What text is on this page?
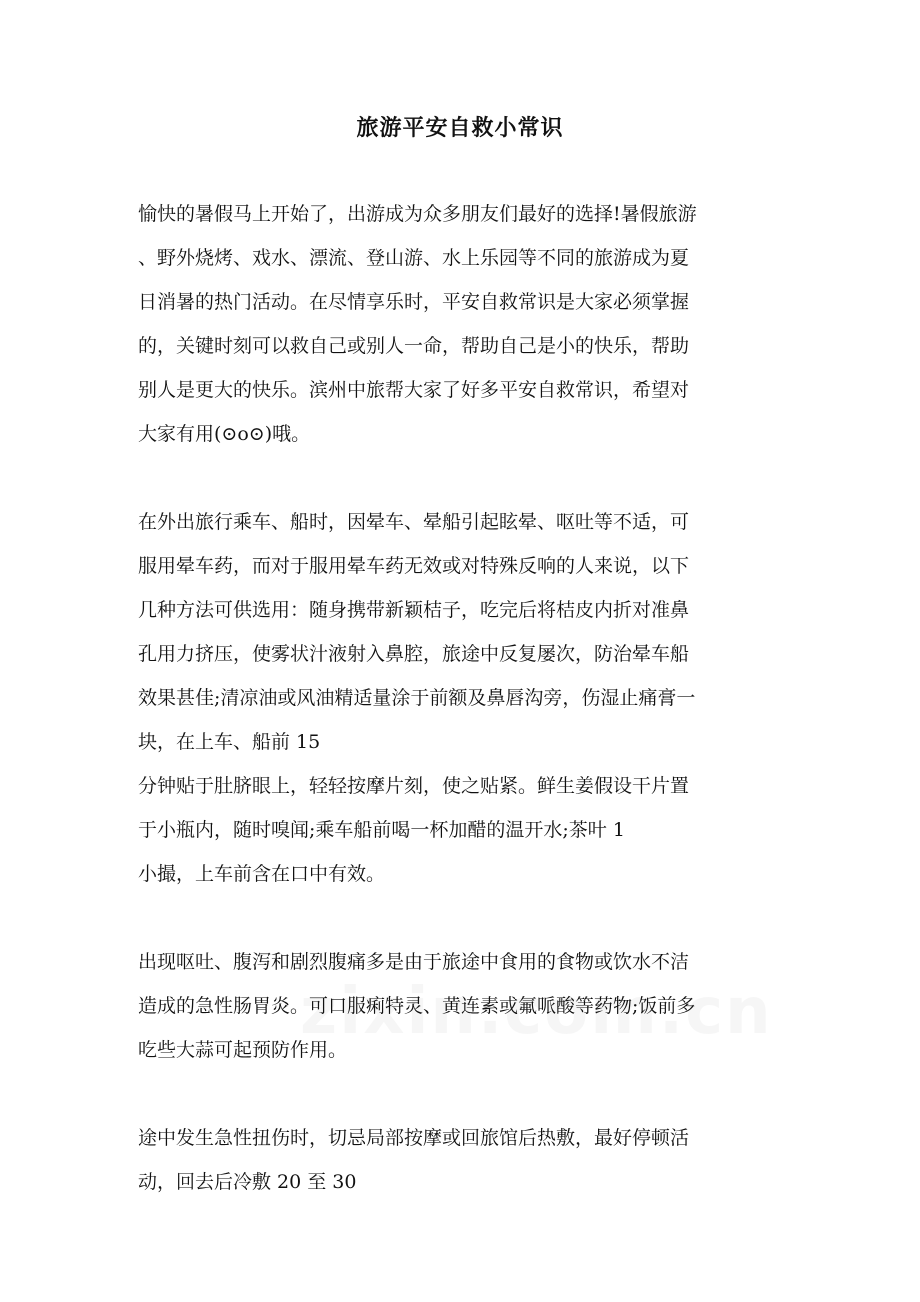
旅游平安自救小常识
愉快的暑假马上开始了，出游成为众多朋友们最好的选择!暑假旅游
、野外烧烤、戏水、漂流、登山游、水上乐园等不同的旅游成为夏
日消暑的热门活动。在尽情享乐时，平安自救常识是大家必须掌握
的，关键时刻可以救自己或别人一命，帮助自己是小的快乐，帮助
别人是更大的快乐。滨州中旅帮大家了好多平安自救常识，希望对
大家有用(⊙o⊙)哦。
在外出旅行乘车、船时，因晕车、晕船引起眩晕、呕吐等不适，可
服用晕车药，而对于服用晕车药无效或对特殊反响的人来说，以下
几种方法可供选用：随身携带新颖桔子，吃完后将桔皮内折对准鼻
孔用力挤压，使雾状汁液射入鼻腔，旅途中反复屡次，防治晕车船
效果甚佳;清凉油或风油精适量涂于前额及鼻唇沟旁，伤湿止痛膏一
块，在上车、船前 15
分钟贴于肚脐眼上，轻轻按摩片刻，使之贴紧。鲜生姜假设干片置
于小瓶内，随时嗅闻;乘车船前喝一杯加醋的温开水;茶叶 1
小撮，上车前含在口中有效。
出现呕吐、腹泻和剧烈腹痛多是由于旅途中食用的食物或饮水不洁
造成的急性肠胃炎。可口服痢特灵、黄连素或氟哌酸等药物;饭前多
吃些大蒜可起预防作用。
途中发生急性扭伤时，切忌局部按摩或回旅馆后热敷，最好停顿活
动，回去后冷敷 20 至 30
